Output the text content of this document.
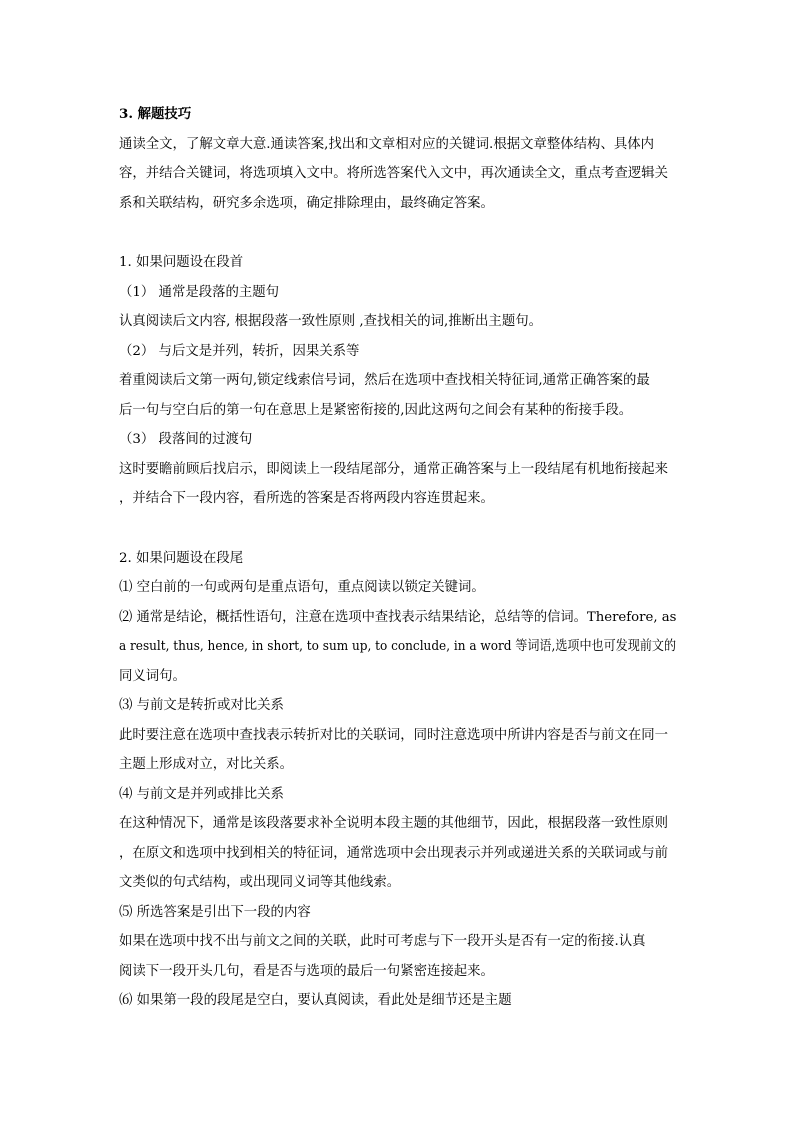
3. 解题技巧
通读全文，了解文章大意.通读答案,找出和文章相对应的关键词.根据文章整体结构、具体内
容，并结合关键词，将选项填入文中。将所选答案代入文中，再次通读全文，重点考查逻辑关
系和关联结构，研究多余选项，确定排除理由，最终确定答案。
1. 如果问题设在段首
（1） 通常是段落的主题句
认真阅读后文内容, 根据段落一致性原则 ,查找相关的词,推断出主题句。
（2） 与后文是并列，转折，因果关系等
着重阅读后文第一两句,锁定线索信号词，然后在选项中查找相关特征词,通常正确答案的最
后一句与空白后的第一句在意思上是紧密衔接的,因此这两句之间会有某种的衔接手段。
（3） 段落间的过渡句
这时要瞻前顾后找启示，即阅读上一段结尾部分，通常正确答案与上一段结尾有机地衔接起来
，并结合下一段内容，看所选的答案是否将两段内容连贯起来。
2. 如果问题设在段尾
⑴ 空白前的一句或两句是重点语句，重点阅读以锁定关键词。
⑵ 通常是结论，概括性语句，注意在选项中查找表示结果结论，总结等的信词。Therefore, as
a result, thus, hence, in short, to sum up, to conclude, in a word 等词语,选项中也可发现前文的
同义词句。
⑶ 与前文是转折或对比关系
此时要注意在选项中查找表示转折对比的关联词，同时注意选项中所讲内容是否与前文在同一
主题上形成对立，对比关系。
⑷ 与前文是并列或排比关系
在这种情况下，通常是该段落要求补全说明本段主题的其他细节，因此，根据段落一致性原则
，在原文和选项中找到相关的特征词，通常选项中会出现表示并列或递进关系的关联词或与前
文类似的句式结构，或出现同义词等其他线索。
⑸ 所选答案是引出下一段的内容
如果在选项中找不出与前文之间的关联，此时可考虑与下一段开头是否有一定的衔接.认真
阅读下一段开头几句，看是否与选项的最后一句紧密连接起来。
⑹ 如果第一段的段尾是空白，要认真阅读，看此处是细节还是主题
